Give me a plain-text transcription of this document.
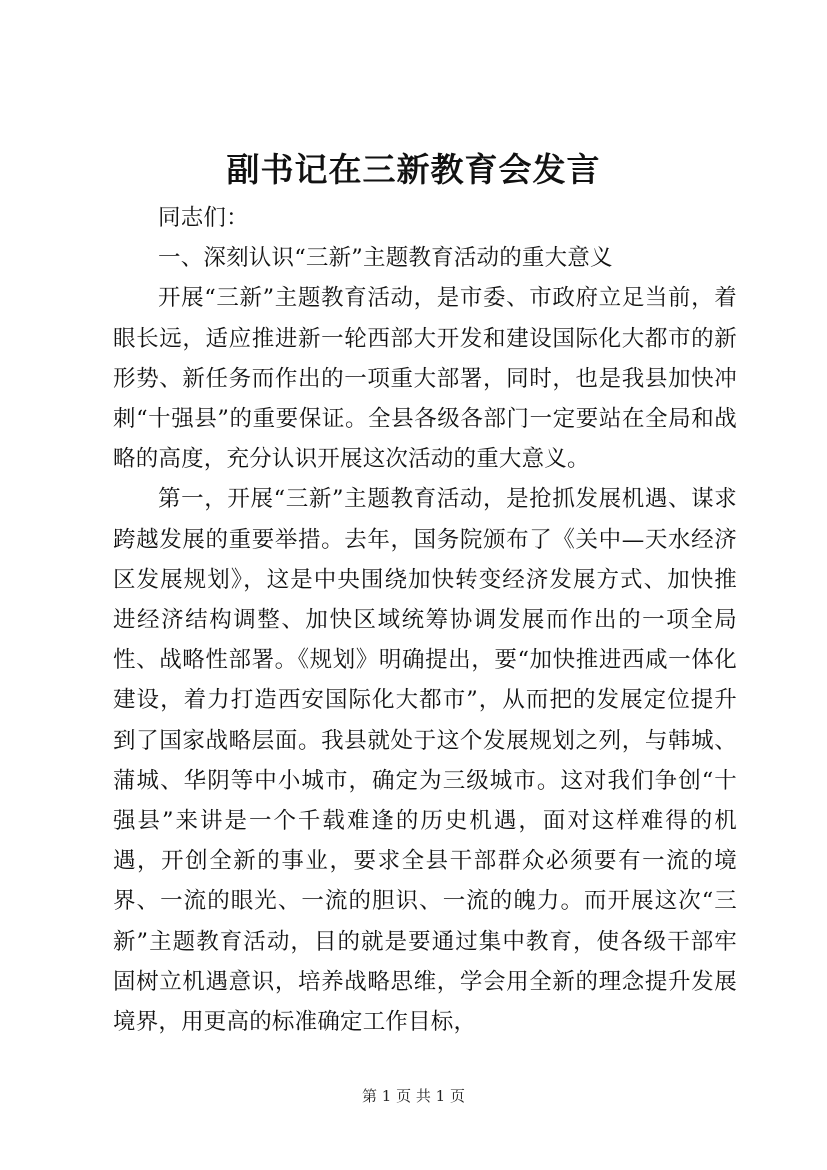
副书记在三新教育会发言

同志们：

一、深刻认识“三新”主题教育活动的重大意义

开展“三新”主题教育活动，是市委、市政府立足当前，着眼长远，适应推进新一轮西部大开发和建设国际化大都市的新形势、新任务而作出的一项重大部署，同时，也是我县加快冲刺“十强县”的重要保证。全县各级各部门一定要站在全局和战略的高度，充分认识开展这次活动的重大意义。

第一，开展“三新”主题教育活动，是抢抓发展机遇、谋求跨越发展的重要举措。去年，国务院颁布了《关中—天水经济区发展规划》，这是中央围绕加快转变经济发展方式、加快推进经济结构调整、加快区域统筹协调发展而作出的一项全局性、战略性部署。《规划》明确提出，要“加快推进西咸一体化建设，着力打造西安国际化大都市”，从而把的发展定位提升到了国家战略层面。我县就处于这个发展规划之列，与韩城、蒲城、华阴等中小城市，确定为三级城市。这对我们争创“十强县”来讲是一个千载难逢的历史机遇，面对这样难得的机遇，开创全新的事业，要求全县干部群众必须要有一流的境界、一流的眼光、一流的胆识、一流的魄力。而开展这次“三新”主题教育活动，目的就是要通过集中教育，使各级干部牢固树立机遇意识，培养战略思维，学会用全新的理念提升发展境界，用更高的标准确定工作目标，

第 1 页 共 1 页
